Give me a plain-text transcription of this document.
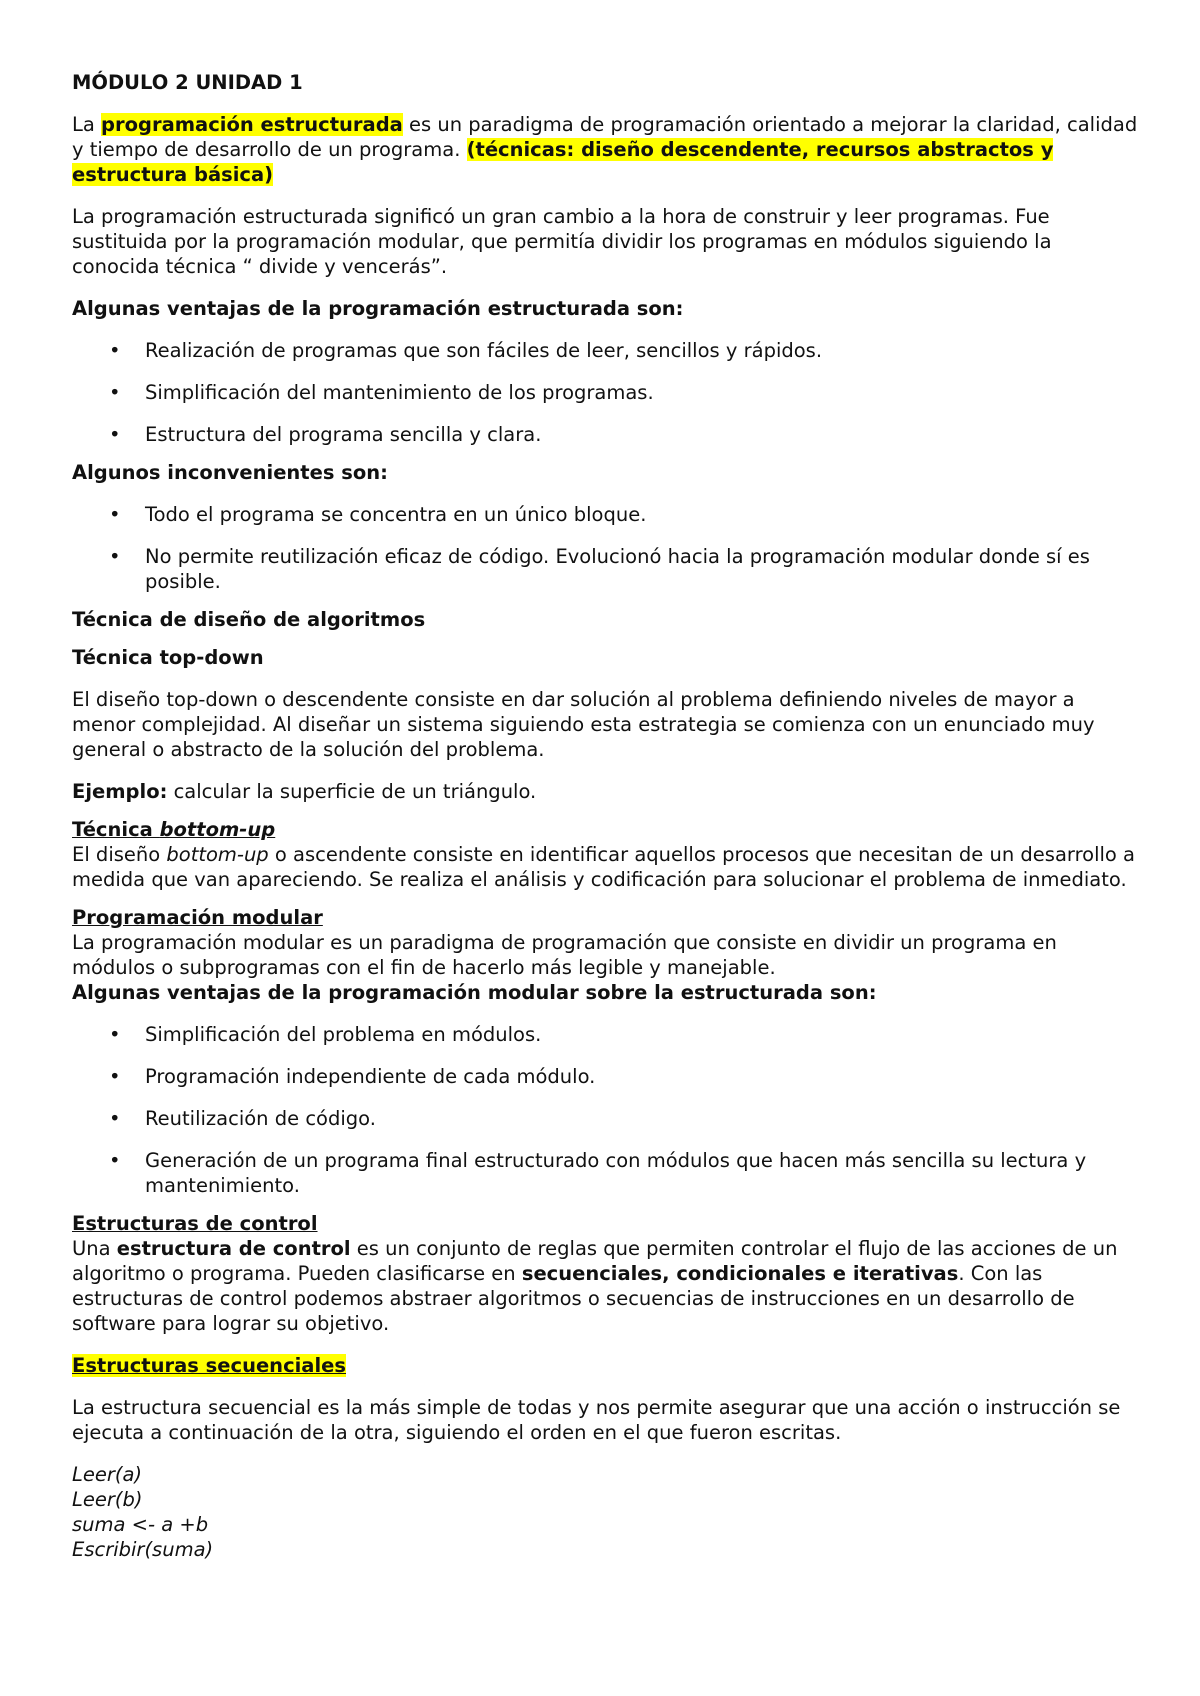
MÓDULO 2 UNIDAD 1

La programación estructurada es un paradigma de programación orientado a mejorar la claridad, calidad y tiempo de desarrollo de un programa. (técnicas: diseño descendente, recursos abstractos y estructura básica)

La programación estructurada significó un gran cambio a la hora de construir y leer programas. Fue sustituida por la programación modular, que permitía dividir los programas en módulos siguiendo la conocida técnica “ divide y vencerás”.

Algunas ventajas de la programación estructurada son:

• Realización de programas que son fáciles de leer, sencillos y rápidos.
• Simplificación del mantenimiento de los programas.
• Estructura del programa sencilla y clara.

Algunos inconvenientes son:

• Todo el programa se concentra en un único bloque.
• No permite reutilización eficaz de código. Evolucionó hacia la programación modular donde sí es posible.

Técnica de diseño de algoritmos

Técnica top-down

El diseño top-down o descendente consiste en dar solución al problema definiendo niveles de mayor a menor complejidad. Al diseñar un sistema siguiendo esta estrategia se comienza con un enunciado muy general o abstracto de la solución del problema.

Ejemplo: calcular la superficie de un triángulo.

Técnica bottom-up

El diseño bottom-up o ascendente consiste en identificar aquellos procesos que necesitan de un desarrollo a medida que van apareciendo. Se realiza el análisis y codificación para solucionar el problema de inmediato.

Programación modular

La programación modular es un paradigma de programación que consiste en dividir un programa en módulos o subprogramas con el fin de hacerlo más legible y manejable.

Algunas ventajas de la programación modular sobre la estructurada son:

• Simplificación del problema en módulos.
• Programación independiente de cada módulo.
• Reutilización de código.
• Generación de un programa final estructurado con módulos que hacen más sencilla su lectura y mantenimiento.

Estructuras de control

Una estructura de control es un conjunto de reglas que permiten controlar el flujo de las acciones de un algoritmo o programa. Pueden clasificarse en secuenciales, condicionales e iterativas. Con las estructuras de control podemos abstraer algoritmos o secuencias de instrucciones en un desarrollo de software para lograr su objetivo.

Estructuras secuenciales

La estructura secuencial es la más simple de todas y nos permite asegurar que una acción o instrucción se ejecuta a continuación de la otra, siguiendo el orden en el que fueron escritas.

Leer(a)

Leer(b)

suma <- a +b

Escribir(suma)
